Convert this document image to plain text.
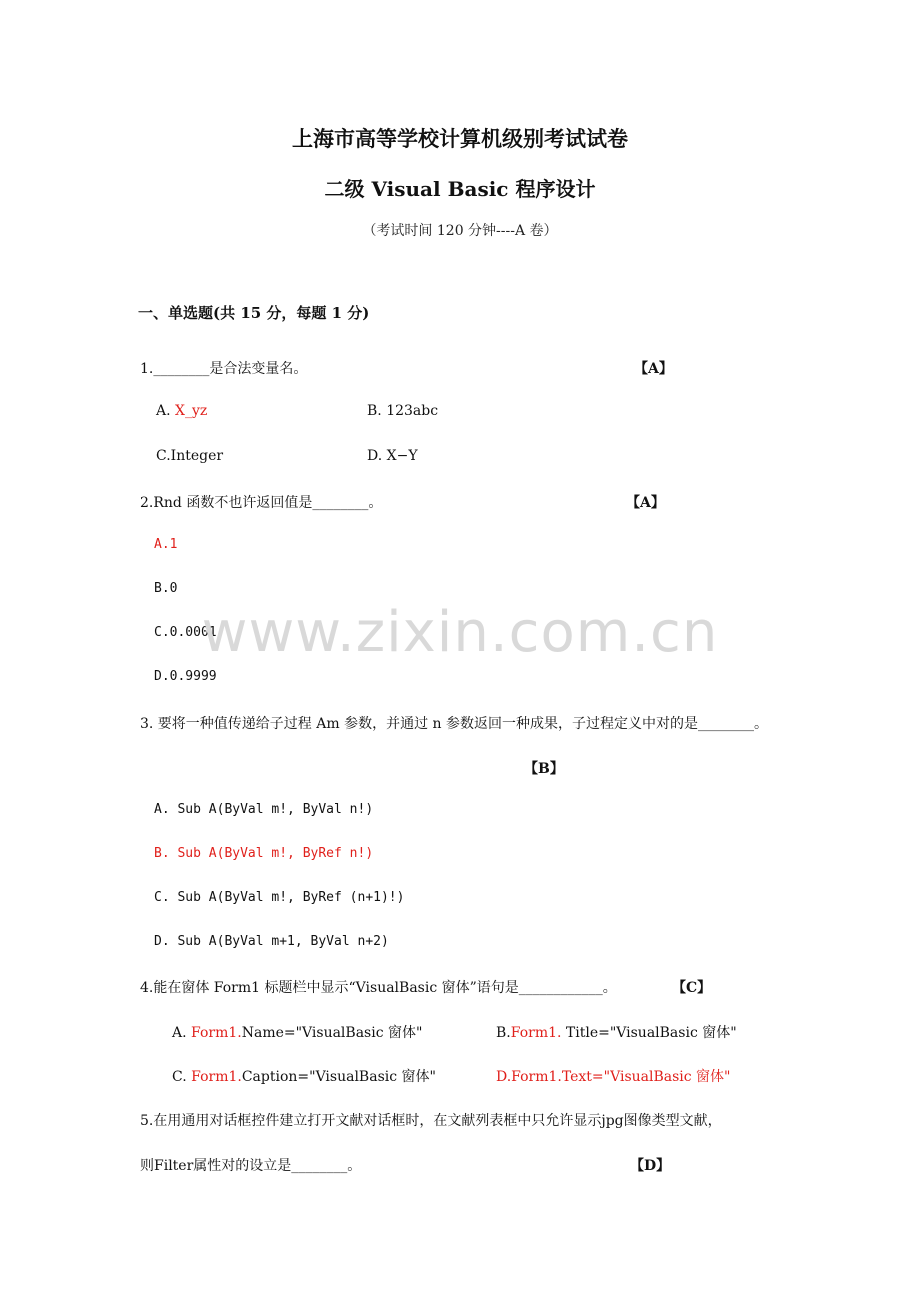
上海市高等学校计算机级别考试试卷
二级 Visual Basic 程序设计
（考试时间 120 分钟----A 卷）
一、单选题(共 15 分，每题 1 分)
1.________是合法变量名。	【A】
A. X_yz	B. 123abc
C.Integer	D. X−Y
2.Rnd 函数不也许返回值是________。	【A】
A.1
B.0
C.0.0001
D.0.9999
www.zixin.com.cn
3. 要将一种值传递给子过程 Am 参数，并通过 n 参数返回一种成果，子过程定义中对的是________。
【B】
A. Sub A(ByVal m!, ByVal n!)
B. Sub A(ByVal m!, ByRef n!)
C. Sub A(ByVal m!, ByRef (n+1)!)
D. Sub A(ByVal m+1, ByVal n+2)
4.能在窗体 Form1 标题栏中显示“VisualBasic 窗体”语句是____________。	【C】
A. Form1.Name="VisualBasic 窗体"	B.Form1. Title="VisualBasic 窗体"
C. Form1.Caption="VisualBasic 窗体"	D.Form1.Text="VisualBasic 窗体"
5.在用通用对话框控件建立打开文献对话框时，在文献列表框中只允许显示jpg图像类型文献，
则Filter属性对的设立是________。	【D】
